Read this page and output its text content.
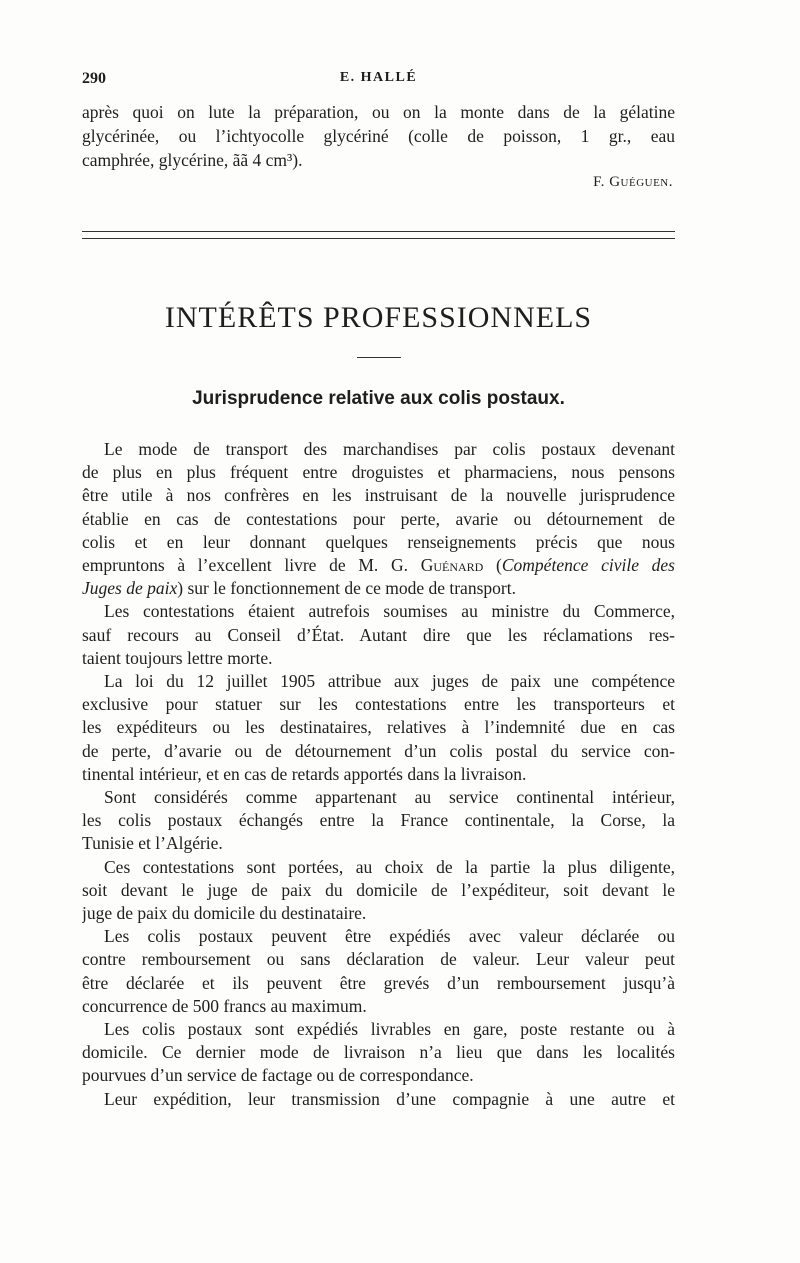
290	E. HALLÉ

après quoi on lute la préparation, ou on la monte dans de la gélatine

glycérinée, ou l’ichtyocolle glycériné (colle de poisson, 1 gr., eau

camphrée, glycérine, ãã 4 cm³).

F. Guéguen.
INTÉRÊTS PROFESSIONNELS
Jurisprudence relative aux colis postaux.
Le mode de transport des marchandises par colis postaux devenant
de plus en plus fréquent entre droguistes et pharmaciens, nous pensons
être utile à nos confrères en les instruisant de la nouvelle jurisprudence
établie en cas de contestations pour perte, avarie ou détournement de
colis et en leur donnant quelques renseignements précis que nous
empruntons à l’excellent livre de M. G. Guénard (Compétence civile des
Juges de paix) sur le fonctionnement de ce mode de transport.
Les contestations étaient autrefois soumises au ministre du Commerce,
sauf recours au Conseil d’État. Autant dire que les réclamations res-
taient toujours lettre morte.
La loi du 12 juillet 1905 attribue aux juges de paix une compétence
exclusive pour statuer sur les contestations entre les transporteurs et
les expéditeurs ou les destinataires, relatives à l’indemnité due en cas
de perte, d’avarie ou de détournement d’un colis postal du service con-
tinental intérieur, et en cas de retards apportés dans la livraison.
Sont considérés comme appartenant au service continental intérieur,
les colis postaux échangés entre la France continentale, la Corse, la
Tunisie et l’Algérie.
Ces contestations sont portées, au choix de la partie la plus diligente,
soit devant le juge de paix du domicile de l’expéditeur, soit devant le
juge de paix du domicile du destinataire.
Les colis postaux peuvent être expédiés avec valeur déclarée ou
contre remboursement ou sans déclaration de valeur. Leur valeur peut
être déclarée et ils peuvent être grevés d’un remboursement jusqu’à
concurrence de 500 francs au maximum.
Les colis postaux sont expédiés livrables en gare, poste restante ou à
domicile. Ce dernier mode de livraison n’a lieu que dans les localités
pourvues d’un service de factage ou de correspondance.
Leur expédition, leur transmission d’une compagnie à une autre et
